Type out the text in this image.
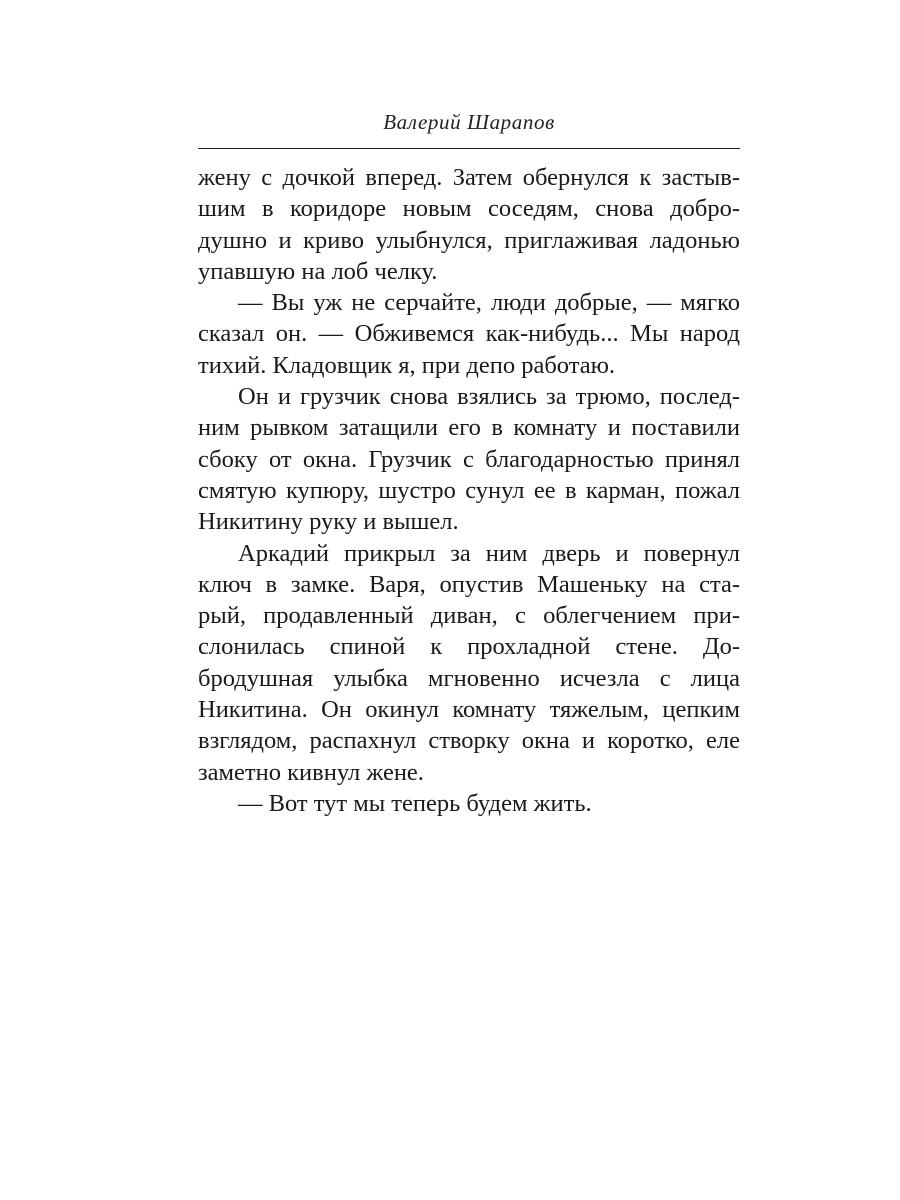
Валерий Шарапов
жену с дочкой вперед. Затем обернулся к застыв-
шим в коридоре новым соседям, снова добро-
душно и криво улыбнулся, приглаживая ладонью
упавшую на лоб челку.
— Вы уж не серчайте, люди добрые, — мягко
сказал он. — Обживемся как-нибудь... Мы народ
тихий. Кладовщик я, при депо работаю.
Он и грузчик снова взялись за трюмо, послед-
ним рывком затащили его в комнату и поставили
сбоку от окна. Грузчик с благодарностью принял
смятую купюру, шустро сунул ее в карман, пожал
Никитину руку и вышел.
Аркадий прикрыл за ним дверь и повернул
ключ в замке. Варя, опустив Машеньку на ста-
рый, продавленный диван, с облегчением при-
слонилась спиной к прохладной стене. До-
бродушная улыбка мгновенно исчезла с лица
Никитина. Он окинул комнату тяжелым, цепким
взглядом, распахнул створку окна и коротко, еле
заметно кивнул жене.
— Вот тут мы теперь будем жить.
